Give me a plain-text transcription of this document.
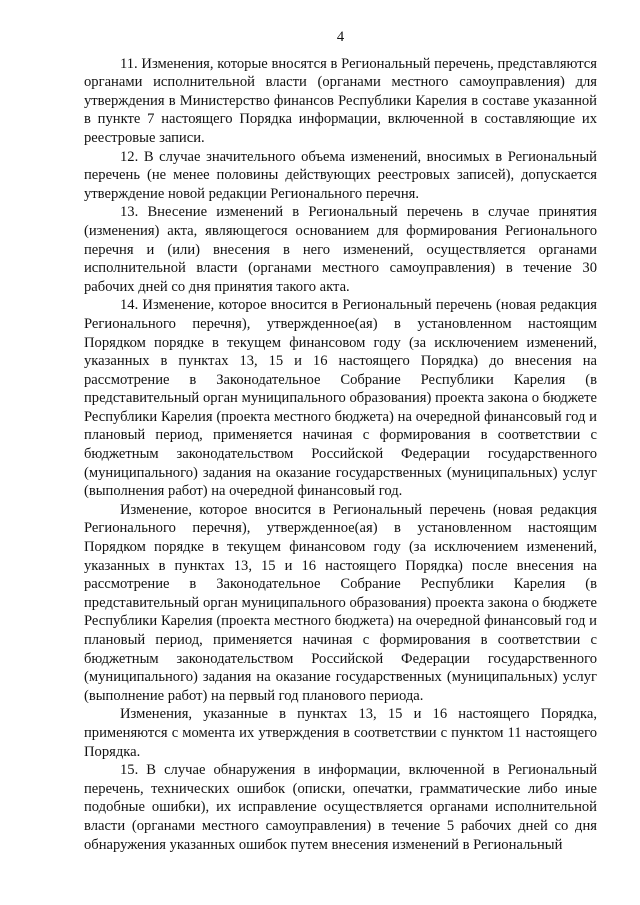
4

11. Изменения, которые вносятся в Региональный перечень, представляются органами исполнительной власти (органами местного самоуправления) для утверждения в Министерство финансов Республики Карелия в составе указанной в пункте 7 настоящего Порядка информации, включенной в составляющие их реестровые записи.

12. В случае значительного объема изменений, вносимых в Региональный перечень (не менее половины действующих реестровых записей), допускается утверждение новой редакции Регионального перечня.

13. Внесение изменений в Региональный перечень в случае принятия (изменения) акта, являющегося основанием для формирования Регионального перечня и (или) внесения в него изменений, осуществляется органами исполнительной власти (органами местного самоуправления) в течение 30 рабочих дней со дня принятия такого акта.

14. Изменение, которое вносится в Региональный перечень (новая редакция Регионального перечня), утвержденное(ая) в установленном настоящим Порядком порядке в текущем финансовом году (за исключением изменений, указанных в пунктах 13, 15 и 16 настоящего Порядка) до внесения на рассмотрение в Законодательное Собрание Республики Карелия (в представительный орган муниципального образования) проекта закона о бюджете Республики Карелия (проекта местного бюджета) на очередной финансовый год и плановый период, применяется начиная с формирования в соответствии с бюджетным законодательством Российской Федерации государственного (муниципального) задания на оказание государственных (муниципальных) услуг (выполнения работ) на очередной финансовый год.

Изменение, которое вносится в Региональный перечень (новая редакция Регионального перечня), утвержденное(ая) в установленном настоящим Порядком порядке в текущем финансовом году (за исключением изменений, указанных в пунктах 13, 15 и 16 настоящего Порядка) после внесения на рассмотрение в Законодательное Собрание Республики Карелия (в представительный орган муниципального образования) проекта закона о бюджете Республики Карелия (проекта местного бюджета) на очередной финансовый год и плановый период, применяется начиная с формирования в соответствии с бюджетным законодательством Российской Федерации государственного (муниципального) задания на оказание государственных (муниципальных) услуг (выполнение работ) на первый год планового периода.

Изменения, указанные в пунктах 13, 15 и 16 настоящего Порядка, применяются с момента их утверждения в соответствии с пунктом 11 настоящего Порядка.

15. В случае обнаружения в информации, включенной в Региональный перечень, технических ошибок (описки, опечатки, грамматические либо иные подобные ошибки), их исправление осуществляется органами исполнительной власти (органами местного самоуправления) в течение 5 рабочих дней со дня обнаружения указанных ошибок путем внесения изменений в Региональный
